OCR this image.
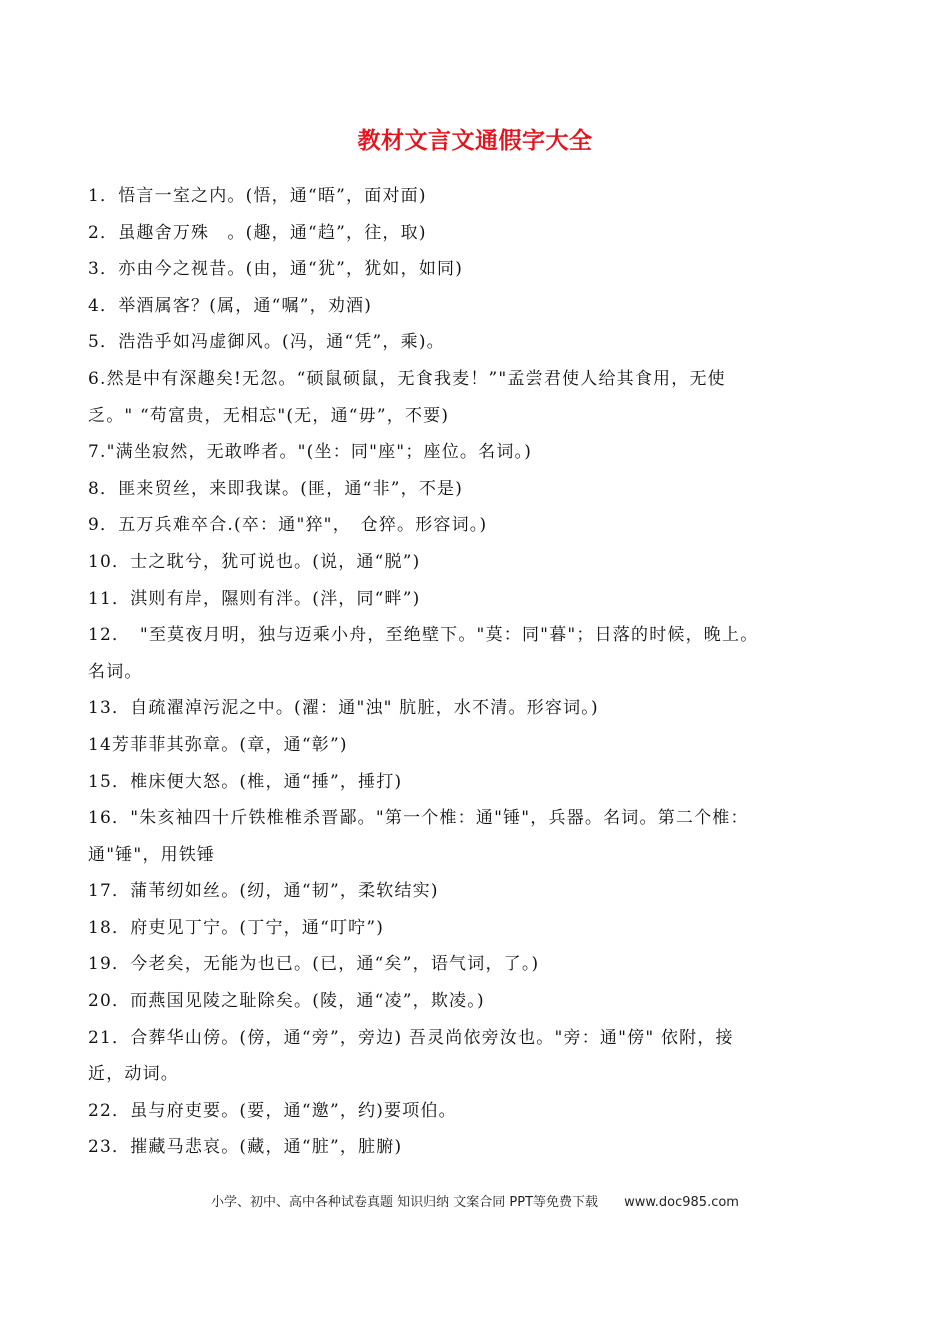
教材文言文通假字大全
1．悟言一室之内。(悟，通“晤”，面对面)
2．虽趣舍万殊　。(趣，通“趋”，往，取)
3．亦由今之视昔。(由，通“犹”，犹如，如同)
4．举酒属客？(属，通“嘱”，劝酒)
5．浩浩乎如冯虚御风。(冯，通“凭”，乘)。
6.然是中有深趣矣!无忽。“硕鼠硕鼠，无食我麦！”"孟尝君使人给其食用，无使
乏。" “苟富贵，无相忘"(无，通“毋”，不要)
7."满坐寂然，无敢哗者。"(坐：同"座"；座位。名词。)
8．匪来贸丝，来即我谋。(匪，通“非”，不是)
9．五万兵难卒合.(卒：通"猝"，　仓猝。形容词。)
10．士之耽兮，犹可说也。(说，通“脱”)
11．淇则有岸，隰则有泮。(泮，同“畔”)
12．　"至莫夜月明，独与迈乘小舟，至绝壁下。"莫：同"暮"；日落的时候，晚上。
名词。
13．自疏濯淖污泥之中。(濯：通"浊" 肮脏，水不清。形容词。)
14芳菲菲其弥章。(章，通“彰”)
15．椎床便大怒。(椎，通“捶”，捶打)
16．"朱亥袖四十斤铁椎椎杀晋鄙。"第一个椎：通"锤"，兵器。名词。第二个椎：
通"锤"，用铁锤
17．蒲苇纫如丝。(纫，通“韧”，柔软结实)
18．府吏见丁宁。(丁宁，通“叮咛”)
19．今老矣，无能为也已。(已，通“矣”，语气词，了。)
20．而燕国见陵之耻除矣。(陵，通“凌”，欺凌。)
21．合葬华山傍。(傍，通“旁”，旁边) 吾灵尚依旁汝也。"旁：通"傍" 依附，接
近，动词。
22．虽与府吏要。(要，通“邀”，约)要项伯。
23．摧藏马悲哀。(藏，通“脏”，脏腑)
小学、初中、高中各种试卷真题 知识归纳 文案合同 PPT等免费下载 www.doc985.com
